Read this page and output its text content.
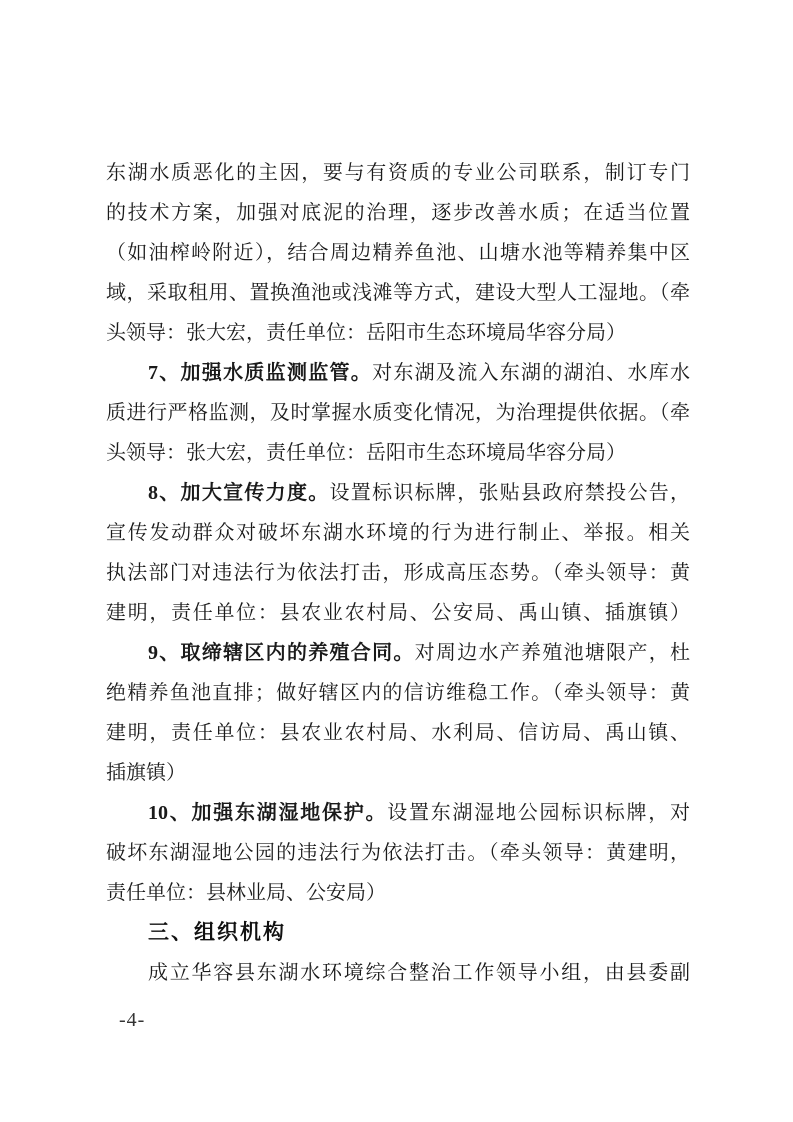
东湖水质恶化的主因，要与有资质的专业公司联系，制订专门
的技术方案，加强对底泥的治理，逐步改善水质；在适当位置
（如油榨岭附近），结合周边精养鱼池、山塘水池等精养集中区
域，采取租用、置换渔池或浅滩等方式，建设大型人工湿地。（牵
头领导：张大宏，责任单位：岳阳市生态环境局华容分局）
7、加强水质监测监管。对东湖及流入东湖的湖泊、水库水
质进行严格监测，及时掌握水质变化情况，为治理提供依据。（牵
头领导：张大宏，责任单位：岳阳市生态环境局华容分局）
8、加大宣传力度。设置标识标牌，张贴县政府禁投公告，
宣传发动群众对破坏东湖水环境的行为进行制止、举报。相关
执法部门对违法行为依法打击，形成高压态势。（牵头领导：黄
建明，责任单位：县农业农村局、公安局、禹山镇、插旗镇）
9、取缔辖区内的养殖合同。对周边水产养殖池塘限产，杜
绝精养鱼池直排；做好辖区内的信访维稳工作。（牵头领导：黄
建明，责任单位：县农业农村局、水利局、信访局、禹山镇、
插旗镇）
10、加强东湖湿地保护。设置东湖湿地公园标识标牌，对
破坏东湖湿地公园的违法行为依法打击。（牵头领导：黄建明，
责任单位：县林业局、公安局）
三、组织机构
成立华容县东湖水环境综合整治工作领导小组，由县委副
-4-
